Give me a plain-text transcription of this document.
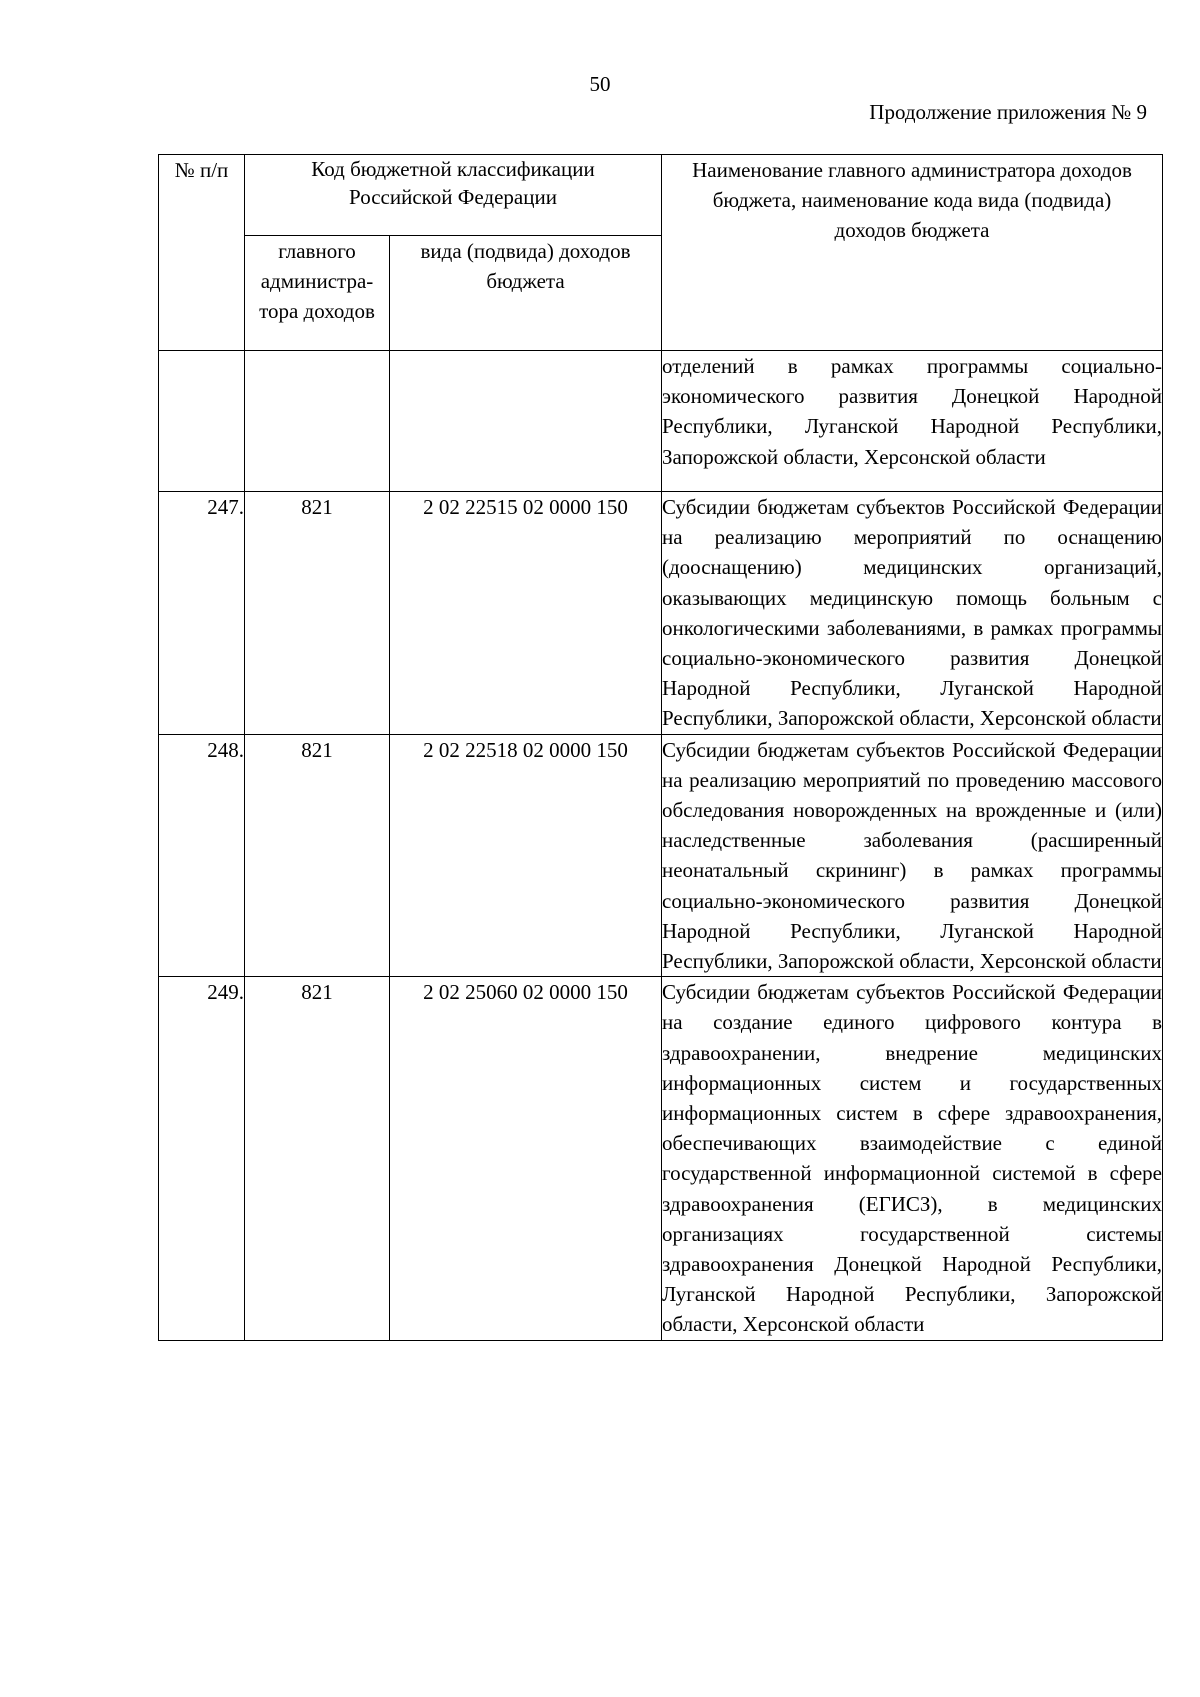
50
Продолжение приложения № 9
№ п/п	Код бюджетной классификации Российской Федерации		Наименование главного администратора доходов бюджета, наименование кода вида (подвида) доходов бюджета
	главного администра-тора доходов	вида (подвида) доходов бюджета	
			отделений в рамках программы социально-экономического развития Донецкой Народной Республики, Луганской Народной Республики, Запорожской области, Херсонской области
247.	821	2 02 22515 02 0000 150	Субсидии бюджетам субъектов Российской Федерации на реализацию мероприятий по оснащению (дооснащению) медицинских организаций, оказывающих медицинскую помощь больным с онкологическими заболеваниями, в рамках программы социально-экономического развития Донецкой Народной Республики, Луганской Народной Республики, Запорожской области, Херсонской области
248.	821	2 02 22518 02 0000 150	Субсидии бюджетам субъектов Российской Федерации на реализацию мероприятий по проведению массового обследования новорожденных на врожденные и (или) наследственные заболевания (расширенный неонатальный скрининг) в рамках программы социально-экономического развития Донецкой Народной Республики, Луганской Народной Республики, Запорожской области, Херсонской области
249.	821	2 02 25060 02 0000 150	Субсидии бюджетам субъектов Российской Федерации на создание единого цифрового контура в здравоохранении, внедрение медицинских информационных систем и государственных информационных систем в сфере здравоохранения, обеспечивающих взаимодействие с единой государственной информационной системой в сфере здравоохранения (ЕГИСЗ), в медицинских организациях государственной системы здравоохранения Донецкой Народной Республики, Луганской Народной Республики, Запорожской области, Херсонской области
